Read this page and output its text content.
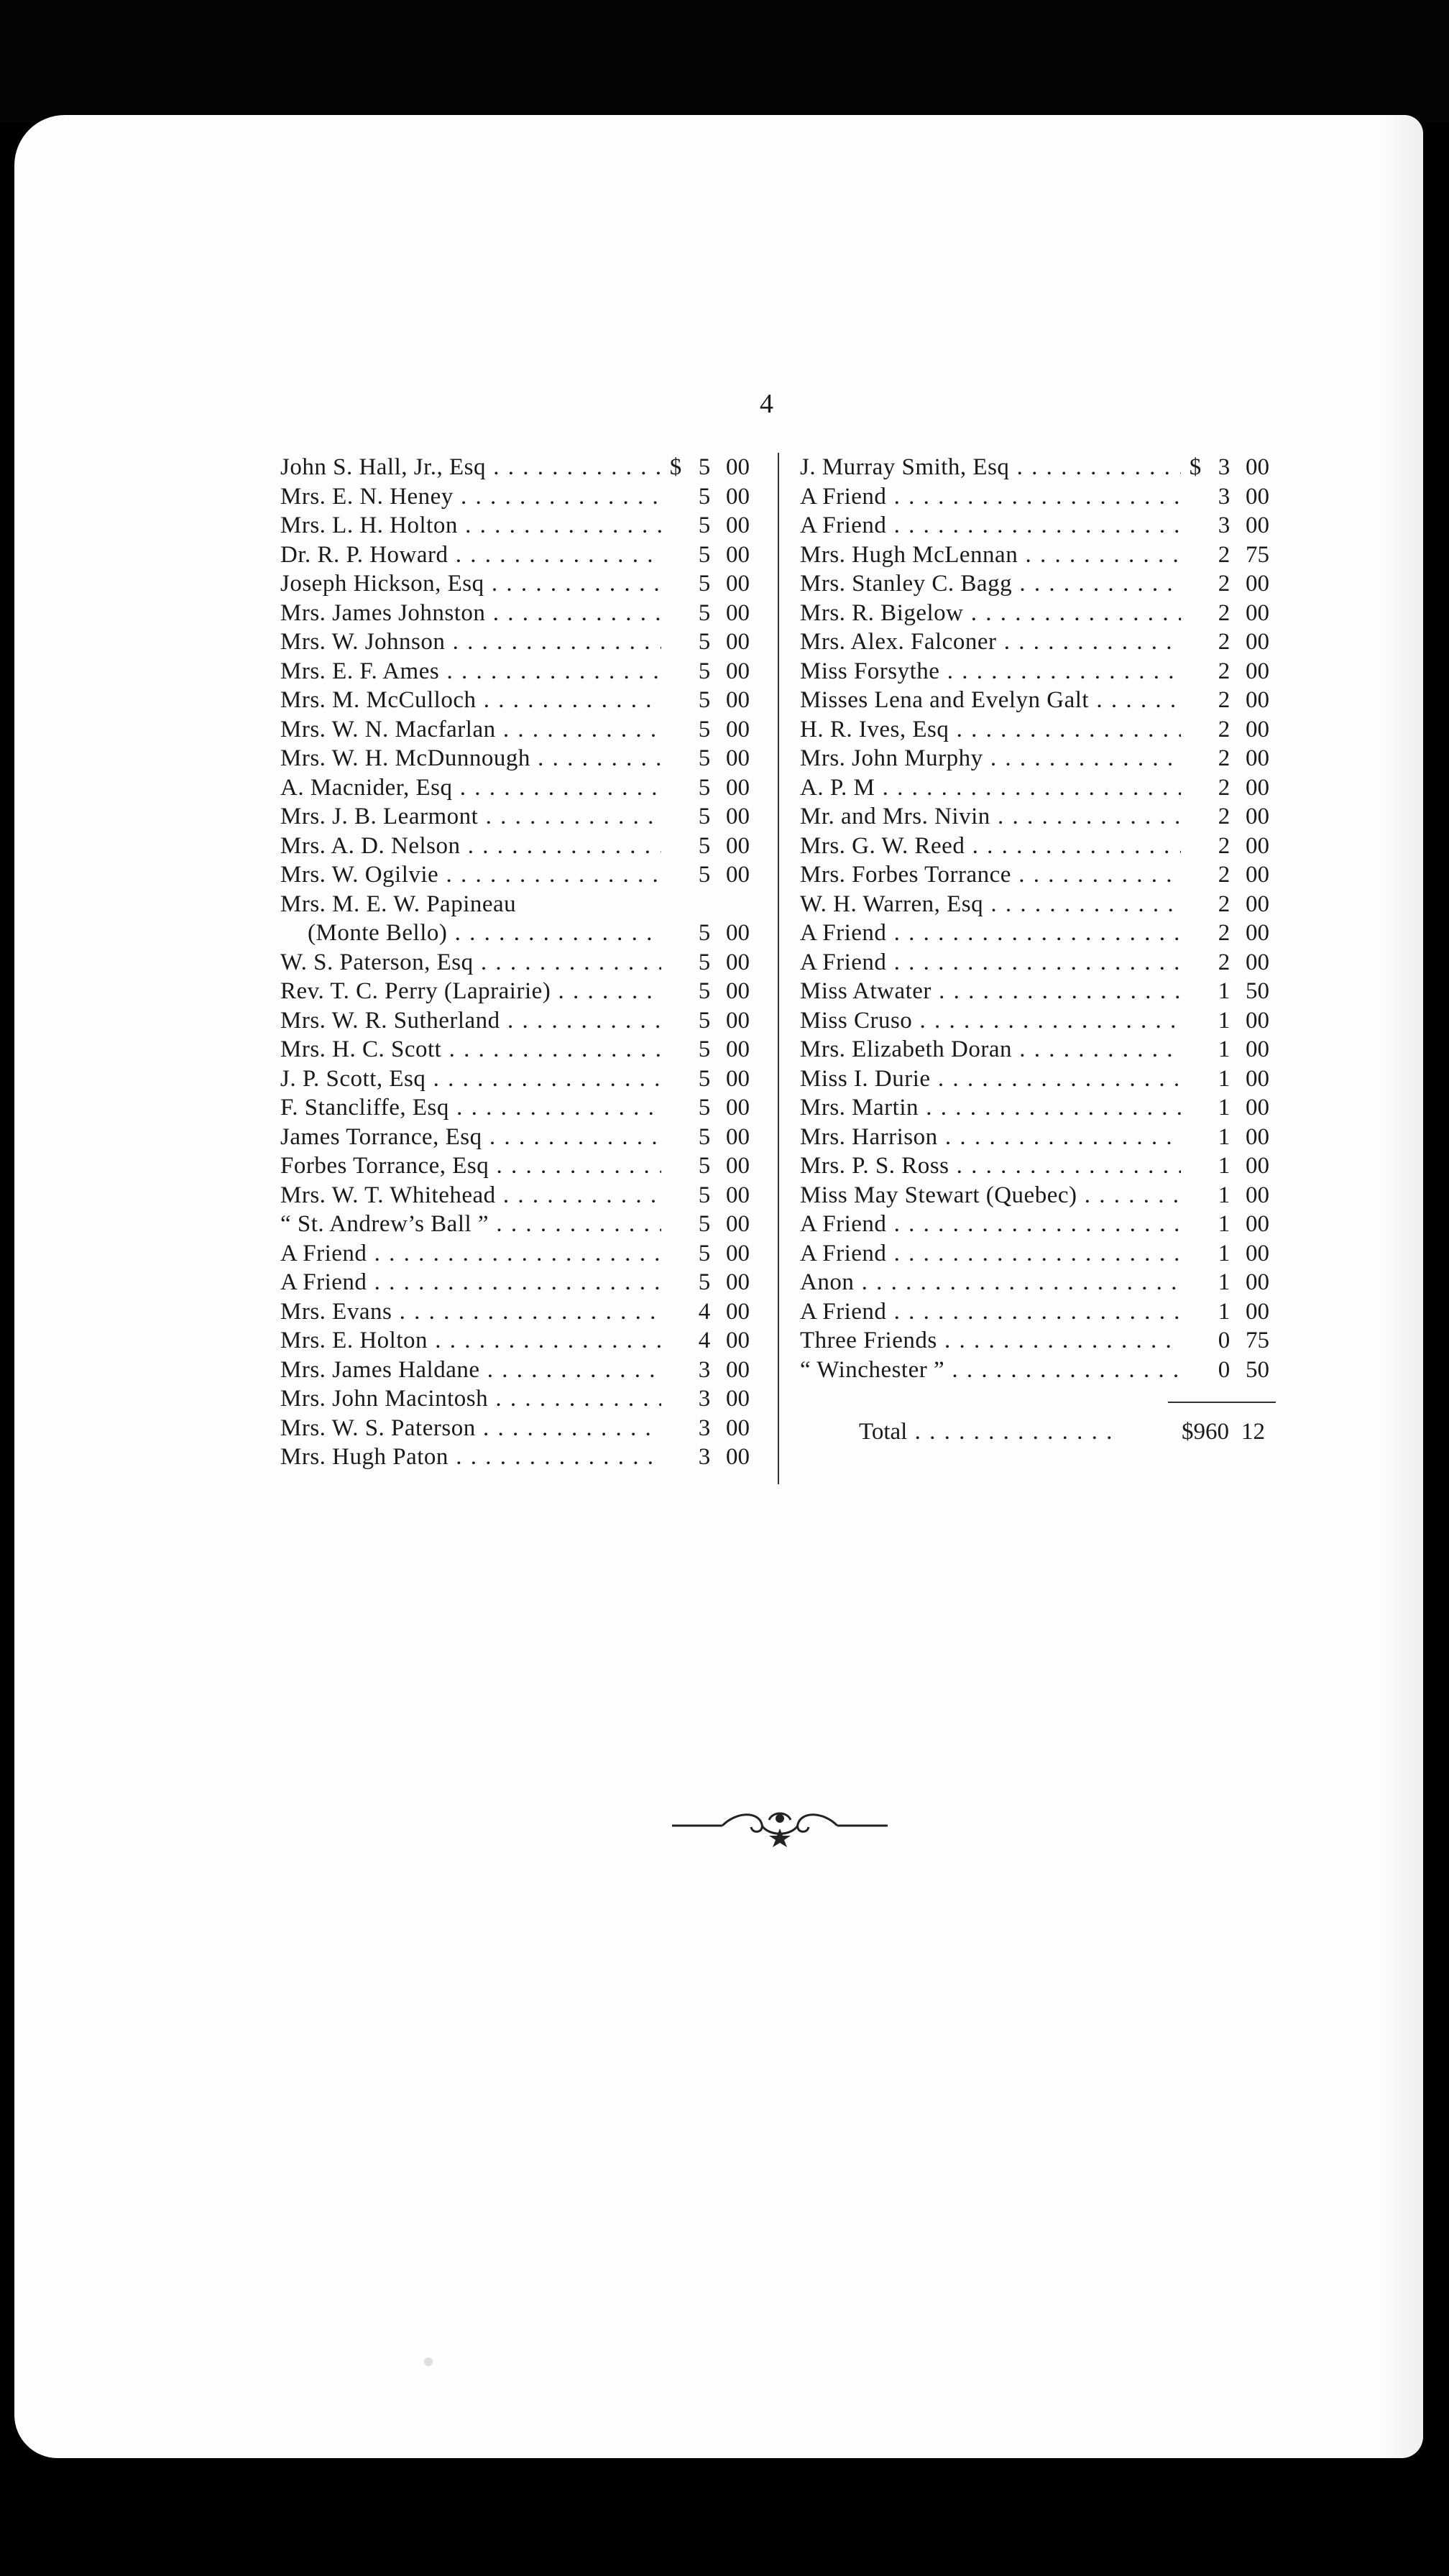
4
John S. Hall, Jr., Esq . . .	$ 5 00
Mrs. E. N. Heney . . .	5 00
Mrs. L. H. Holton . . .	5 00
Dr. R. P. Howard . . .	5 00
Joseph Hickson, Esq . . .	5 00
Mrs. James Johnston . . .	5 00
Mrs. W. Johnson . . .	5 00
Mrs. E. F. Ames . . .	5 00
Mrs. M. McCulloch . . .	5 00
Mrs. W. N. Macfarlan . . .	5 00
Mrs. W. H. McDunnough . . .	5 00
A. Macnider, Esq . . .	5 00
Mrs. J. B. Learmont . . .	5 00
Mrs. A. D. Nelson . . .	5 00
Mrs. W. Ogilvie . . .	5 00
Mrs. M. E. W. Papineau
(Monte Bello) . . .	5 00
W. S. Paterson, Esq . . .	5 00
Rev. T. C. Perry (Laprairie) . . .	5 00
Mrs. W. R. Sutherland . . .	5 00
Mrs. H. C. Scott . . .	5 00
J. P. Scott, Esq . . .	5 00
F. Stancliffe, Esq . . .	5 00
James Torrance, Esq . . .	5 00
Forbes Torrance, Esq . . .	5 00
Mrs. W. T. Whitehead . . .	5 00
“ St. Andrew’s Ball ” . . .	5 00
A Friend . . .	5 00
A Friend . . .	5 00
Mrs. Evans . . .	4 00
Mrs. E. Holton . . .	4 00
Mrs. James Haldane . . .	3 00
Mrs. John Macintosh . . .	3 00
Mrs. W. S. Paterson . . .	3 00
Mrs. Hugh Paton . . .	3 00
J. Murray Smith, Esq . . .	$ 3 00
A Friend . . .	3 00
A Friend . . .	3 00
Mrs. Hugh McLennan . . .	2 75
Mrs. Stanley C. Bagg . . .	2 00
Mrs. R. Bigelow . . .	2 00
Mrs. Alex. Falconer . . .	2 00
Miss Forsythe . . .	2 00
Misses Lena and Evelyn Galt . . .	2 00
H. R. Ives, Esq . . .	2 00
Mrs. John Murphy . . .	2 00
A. P. M . . .	2 00
Mr. and Mrs. Nivin . . .	2 00
Mrs. G. W. Reed . . .	2 00
Mrs. Forbes Torrance . . .	2 00
W. H. Warren, Esq . . .	2 00
A Friend . . .	2 00
A Friend . . .	2 00
Miss Atwater . . .	1 50
Miss Cruso . . .	1 00
Mrs. Elizabeth Doran . . .	1 00
Miss I. Durie . . .	1 00
Mrs. Martin . . .	1 00
Mrs. Harrison . . .	1 00
Mrs. P. S. Ross . . .	1 00
Miss May Stewart (Quebec) . . .	1 00
A Friend . . .	1 00
A Friend . . .	1 00
Anon . . .	1 00
A Friend . . .	1 00
Three Friends . . .	0 75
“ Winchester ” . . .	0 50
Total . . .	$960 12
